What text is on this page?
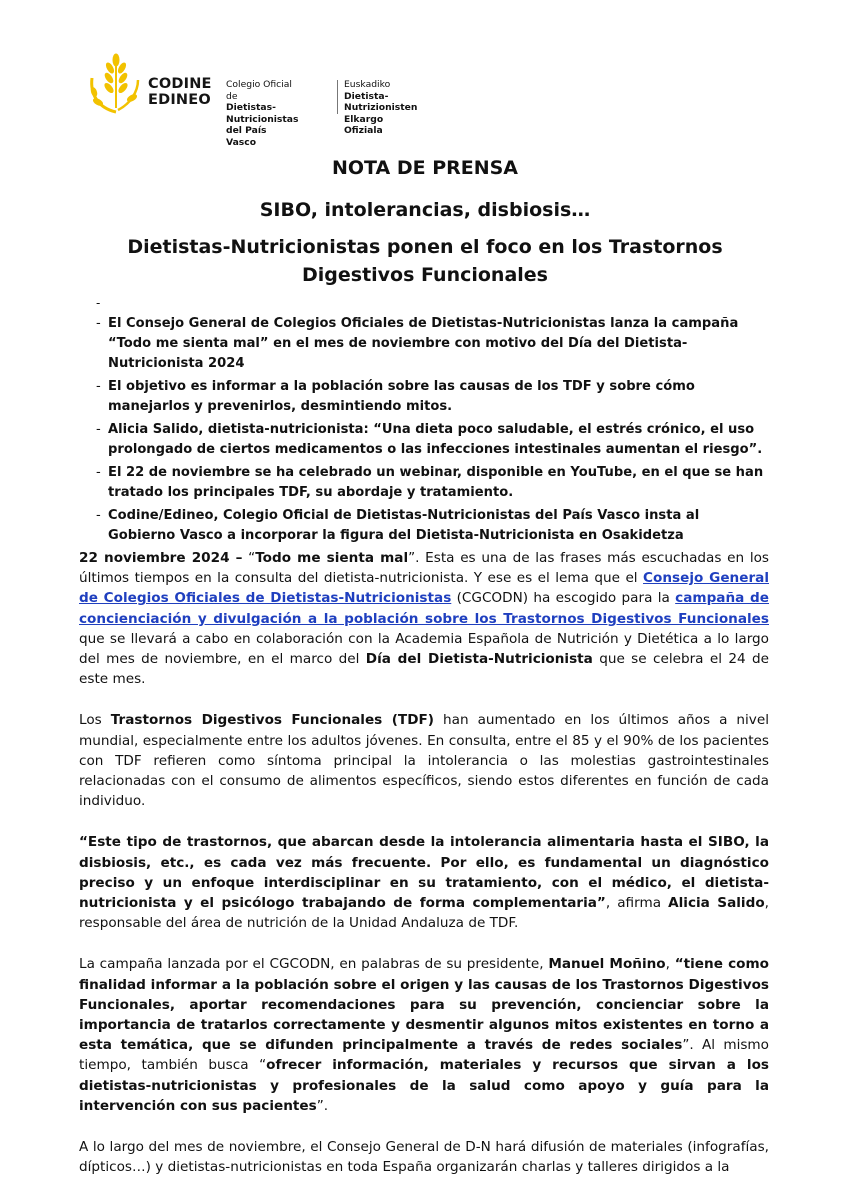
CODINE
EDINEO
Colegio Oficial de
Dietistas-Nutricionistas
del País Vasco
Euskadiko
Dietista-Nutrizionisten
Elkargo Ofiziala
NOTA DE PRENSA
SIBO, intolerancias, disbiosis…
Dietistas-Nutricionistas ponen el foco en los Trastornos Digestivos Funcionales
-
- El Consejo General de Colegios Oficiales de Dietistas-Nutricionistas lanza la campaña “Todo me sienta mal” en el mes de noviembre con motivo del Día del Dietista-Nutricionista 2024
- El objetivo es informar a la población sobre las causas de los TDF y sobre cómo manejarlos y prevenirlos, desmintiendo mitos.
- Alicia Salido, dietista-nutricionista: “Una dieta poco saludable, el estrés crónico, el uso prolongado de ciertos medicamentos o las infecciones intestinales aumentan el riesgo”.
- El 22 de noviembre se ha celebrado un webinar, disponible en YouTube, en el que se han tratado los principales TDF, su abordaje y tratamiento.
- Codine/Edineo, Colegio Oficial de Dietistas-Nutricionistas del País Vasco insta al Gobierno Vasco a incorporar la figura del Dietista-Nutricionista en Osakidetza

22 noviembre 2024 – “Todo me sienta mal”. Esta es una de las frases más escuchadas en los últimos tiempos en la consulta del dietista-nutricionista. Y ese es el lema que el Consejo General de Colegios Oficiales de Dietistas-Nutricionistas (CGCODN) ha escogido para la campaña de concienciación y divulgación a la población sobre los Trastornos Digestivos Funcionales que se llevará a cabo en colaboración con la Academia Española de Nutrición y Dietética a lo largo del mes de noviembre, en el marco del Día del Dietista-Nutricionista que se celebra el 24 de este mes.

Los Trastornos Digestivos Funcionales (TDF) han aumentado en los últimos años a nivel mundial, especialmente entre los adultos jóvenes. En consulta, entre el 85 y el 90% de los pacientes con TDF refieren como síntoma principal la intolerancia o las molestias gastrointestinales relacionadas con el consumo de alimentos específicos, siendo estos diferentes en función de cada individuo.

“Este tipo de trastornos, que abarcan desde la intolerancia alimentaria hasta el SIBO, la disbiosis, etc., es cada vez más frecuente. Por ello, es fundamental un diagnóstico preciso y un enfoque interdisciplinar en su tratamiento, con el médico, el dietista-nutricionista y el psicólogo trabajando de forma complementaria”, afirma Alicia Salido, responsable del área de nutrición de la Unidad Andaluza de TDF.

La campaña lanzada por el CGCODN, en palabras de su presidente, Manuel Moñino, “tiene como finalidad informar a la población sobre el origen y las causas de los Trastornos Digestivos Funcionales, aportar recomendaciones para su prevención, concienciar sobre la importancia de tratarlos correctamente y desmentir algunos mitos existentes en torno a esta temática, que se difunden principalmente a través de redes sociales”. Al mismo tiempo, también busca “ofrecer información, materiales y recursos que sirvan a los dietistas-nutricionistas y profesionales de la salud como apoyo y guía para la intervención con sus pacientes”.

A lo largo del mes de noviembre, el Consejo General de D-N hará difusión de materiales (infografías, dípticos…) y dietistas-nutricionistas en toda España organizarán charlas y talleres dirigidos a la
